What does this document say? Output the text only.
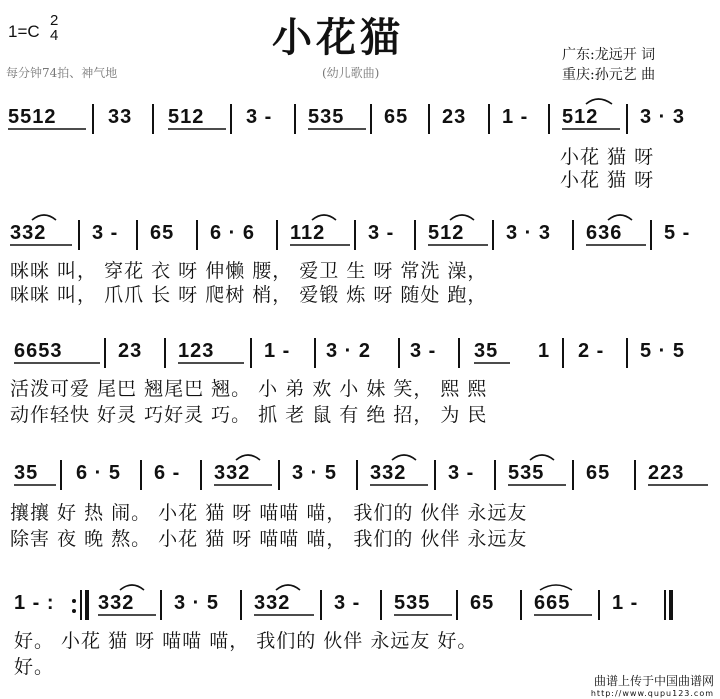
1=C
2
4	小花猫
每分钟74拍、神气地	(幼儿歌曲)
广东:龙远开 词
重庆:孙元艺 曲
5512	33 512 3 - 535 65 23 1 - 512 3 · 3
小花 猫 呀
小花 猫 呀
332 3 - 65 6 · 6 112 3 - 512 3 · 3 636 5 -
咪咪 叫， 穿花 衣 呀 伸懒 腰， 爱卫 生 呀 常洗 澡，
咪咪 叫， 爪爪 长 呀 爬树 梢， 爱锻 炼 呀 随处 跑，
6653	23 123 1 - 3 · 2 3 - 35 1 2 - 5 · 5
活泼可爱 尾巴 翘尾巴 翘。 小 弟 欢 小 妹 笑， 熙 熙
动作轻快 好灵 巧好灵 巧。 抓 老 鼠 有 绝 招， 为 民
35 6 · 5 6 - 332 3 · 5 332 3 - 535 65 223
攘攘 好 热 闹。 小花 猫 呀 喵喵 喵， 我们的 伙伴 永远友
除害 夜 晚 熬。 小花 猫 呀 喵喵 喵， 我们的 伙伴 永远友
1 - : 332 3 · 5 332 3 - 535 65 665 1 -
好。 小花 猫 呀 喵喵 喵， 我们的 伙伴 永远友 好。
好。
曲谱上传于中国曲谱网
http://www.qupu123.com
